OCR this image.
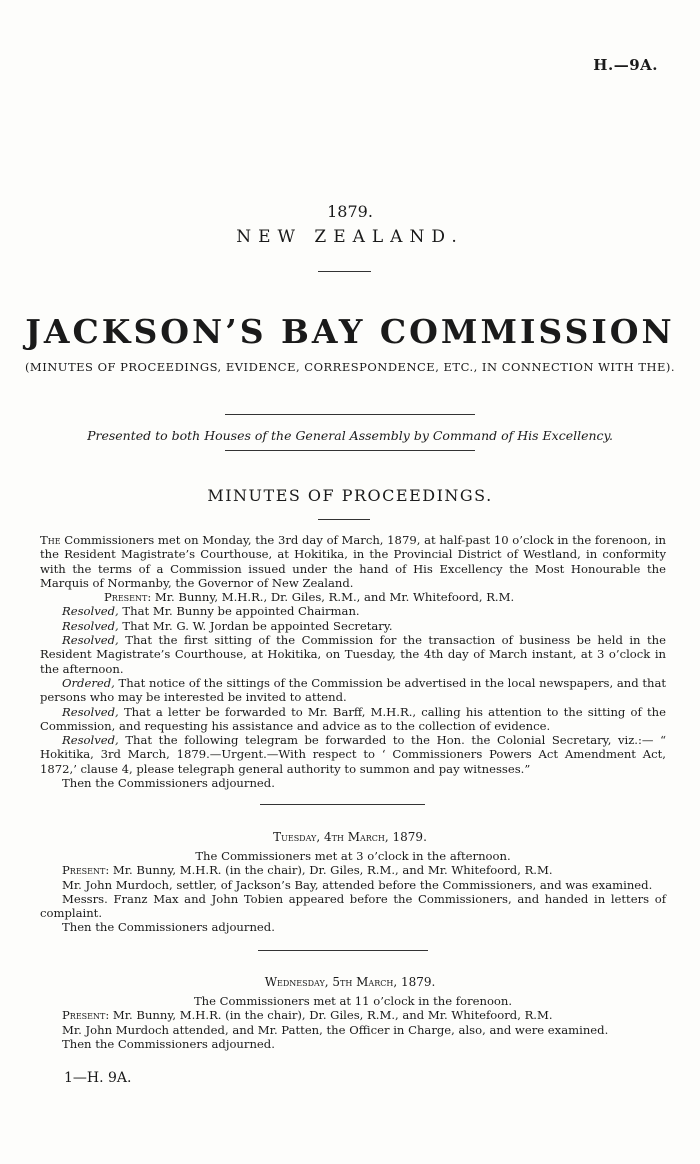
H.—9A.
1879.
NEW ZEALAND.
JACKSON’S BAY COMMISSION
(MINUTES OF PROCEEDINGS, EVIDENCE, CORRESPONDENCE, ETC., IN CONNECTION WITH THE).
Presented to both Houses of the General Assembly by Command of His Excellency.
MINUTES OF PROCEEDINGS.

The Commissioners met on Monday, the 3rd day of March, 1879, at half-past 10 o’clock in the forenoon, in the Resident Magistrate’s Courthouse, at Hokitika, in the Provincial District of Westland, in conformity with the terms of a Commission issued under the hand of His Excellency the Most Honourable the Marquis of Normanby, the Governor of New Zealand.

Present: Mr. Bunny, M.H.R., Dr. Giles, R.M., and Mr. Whitefoord, R.M.

Resolved, That Mr. Bunny be appointed Chairman.

Resolved, That Mr. G. W. Jordan be appointed Secretary.

Resolved, That the first sitting of the Commission for the transaction of business be held in the Resident Magistrate’s Courthouse, at Hokitika, on Tuesday, the 4th day of March instant, at 3 o’clock in the afternoon.

Ordered, That notice of the sittings of the Commission be advertised in the local newspapers, and that persons who may be interested be invited to attend.

Resolved, That a letter be forwarded to Mr. Barff, M.H.R., calling his attention to the sitting of the Commission, and requesting his assistance and advice as to the collection of evidence.

Resolved, That the following telegram be forwarded to the Hon. the Colonial Secretary, viz.:— “ Hokitika, 3rd March, 1879.—Urgent.—With respect to ‘ Commissioners Powers Act Amendment Act, 1872,’ clause 4, please telegraph general authority to summon and pay witnesses.”

Then the Commissioners adjourned.

Tuesday, 4th March, 1879.

The Commissioners met at 3 o’clock in the afternoon.

Present: Mr. Bunny, M.H.R. (in the chair), Dr. Giles, R.M., and Mr. Whitefoord, R.M.

Mr. John Murdoch, settler, of Jackson’s Bay, attended before the Commissioners, and was examined.

Messrs. Franz Max and John Tobien appeared before the Commissioners, and handed in letters of complaint.

Then the Commissioners adjourned.

Wednesday, 5th March, 1879.

The Commissioners met at 11 o’clock in the forenoon.

Present: Mr. Bunny, M.H.R. (in the chair), Dr. Giles, R.M., and Mr. Whitefoord, R.M.

Mr. John Murdoch attended, and Mr. Patten, the Officer in Charge, also, and were examined.

Then the Commissioners adjourned.

1—H. 9A.
